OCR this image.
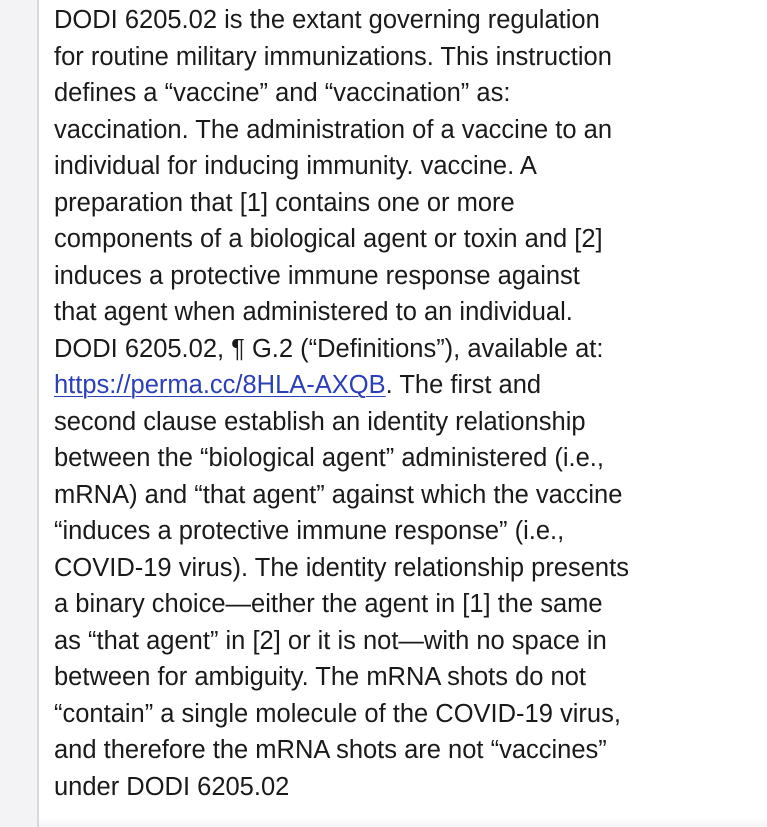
DODI 6205.02 is the extant governing regulation
for routine military immunizations. This instruction
defines a “vaccine” and “vaccination” as:
vaccination. The administration of a vaccine to an
individual for inducing immunity. vaccine. A
preparation that [1] contains one or more
components of a biological agent or toxin and [2]
induces a protective immune response against
that agent when administered to an individual.
DODI 6205.02, ¶ G.2 (“Definitions”), available at:
https://perma.cc/8HLA-AXQB. The first and
second clause establish an identity relationship
between the “biological agent” administered (i.e.,
mRNA) and “that agent” against which the vaccine
“induces a protective immune response” (i.e.,
COVID-19 virus). The identity relationship presents
a binary choice—either the agent in [1] the same
as “that agent” in [2] or it is not—with no space in
between for ambiguity. The mRNA shots do not
“contain” a single molecule of the COVID-19 virus,
and therefore the mRNA shots are not “vaccines”
under DODI 6205.02
